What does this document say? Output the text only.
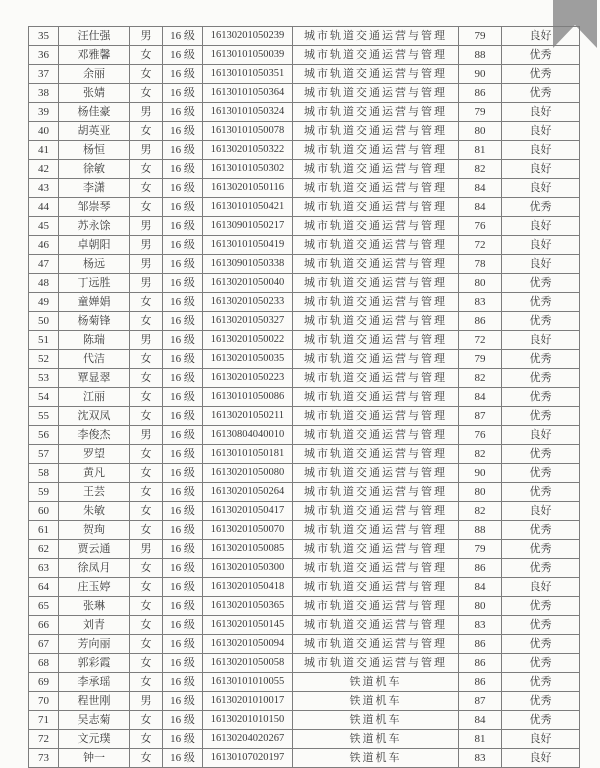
35	汪仕强	男	16 级	16130201050239	城市轨道交通运营与管理	79	良好
36	邓雅馨	女	16 级	16130101050039	城市轨道交通运营与管理	88	优秀
37	余丽	女	16 级	16130101050351	城市轨道交通运营与管理	90	优秀
38	张婧	女	16 级	16130101050364	城市轨道交通运营与管理	86	优秀
39	杨佳豪	男	16 级	16130101050324	城市轨道交通运营与管理	79	良好
40	胡英亚	女	16 级	16130101050078	城市轨道交通运营与管理	80	良好
41	杨恒	男	16 级	16130201050322	城市轨道交通运营与管理	81	良好
42	徐敏	女	16 级	16130101050302	城市轨道交通运营与管理	82	良好
43	李潇	女	16 级	16130201050116	城市轨道交通运营与管理	84	良好
44	邹崇琴	女	16 级	16130101050421	城市轨道交通运营与管理	84	优秀
45	苏永馀	男	16 级	16130901050217	城市轨道交通运营与管理	76	良好
46	卓朝阳	男	16 级	16130101050419	城市轨道交通运营与管理	72	良好
47	杨远	男	16 级	16130901050338	城市轨道交通运营与管理	78	良好
48	丁远胜	男	16 级	16130201050040	城市轨道交通运营与管理	80	优秀
49	童婵娟	女	16 级	16130201050233	城市轨道交通运营与管理	83	优秀
50	杨菊锋	女	16 级	16130201050327	城市轨道交通运营与管理	86	优秀
51	陈瑞	男	16 级	16130201050022	城市轨道交通运营与管理	72	良好
52	代洁	女	16 级	16130201050035	城市轨道交通运营与管理	79	优秀
53	覃显翠	女	16 级	16130201050223	城市轨道交通运营与管理	82	优秀
54	江丽	女	16 级	16130101050086	城市轨道交通运营与管理	84	优秀
55	沈双凤	女	16 级	16130201050211	城市轨道交通运营与管理	87	优秀
56	李俊杰	男	16 级	16130804040010	城市轨道交通运营与管理	76	良好
57	罗望	女	16 级	16130101050181	城市轨道交通运营与管理	82	优秀
58	黄凡	女	16 级	16130201050080	城市轨道交通运营与管理	90	优秀
59	王芸	女	16 级	16130201050264	城市轨道交通运营与管理	80	优秀
60	朱敏	女	16 级	16130201050417	城市轨道交通运营与管理	82	良好
61	贺珣	女	16 级	16130201050070	城市轨道交通运营与管理	88	优秀
62	贾云通	男	16 级	16130201050085	城市轨道交通运营与管理	79	优秀
63	徐凤月	女	16 级	16130201050300	城市轨道交通运营与管理	86	优秀
64	庄玉婷	女	16 级	16130201050418	城市轨道交通运营与管理	84	良好
65	张琳	女	16 级	16130201050365	城市轨道交通运营与管理	80	优秀
66	刘青	女	16 级	16130201050145	城市轨道交通运营与管理	83	优秀
67	芳向丽	女	16 级	16130201050094	城市轨道交通运营与管理	86	优秀
68	郭彩霞	女	16 级	16130201050058	城市轨道交通运营与管理	86	优秀
69	李承瑶	女	16 级	16130101010055	铁道机车	86	优秀
70	程世刚	男	16 级	16130201010017	铁道机车	87	优秀
71	吴志菊	女	16 级	16130201010150	铁道机车	84	优秀
72	文元璞	女	16 级	16130204020267	铁道机车	81	良好
73	钟一	女	16 级	16130107020197	铁道机车	83	良好
